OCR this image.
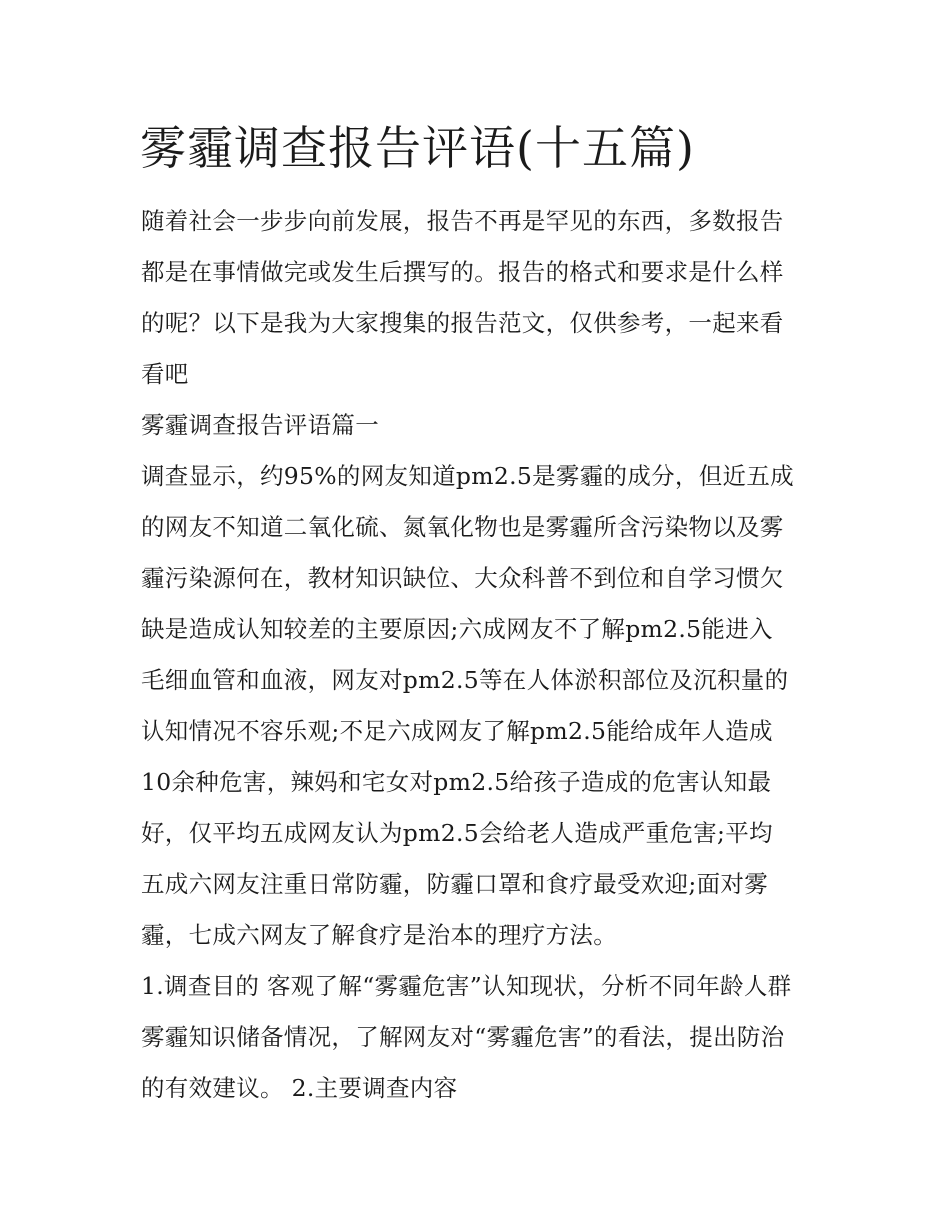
雾霾调查报告评语(十五篇)
随着社会一步步向前发展，报告不再是罕见的东西，多数报告
都是在事情做完或发生后撰写的。报告的格式和要求是什么样
的呢？以下是我为大家搜集的报告范文，仅供参考，一起来看
看吧
雾霾调查报告评语篇一
调查显示，约95%的网友知道pm2.5是雾霾的成分，但近五成
的网友不知道二氧化硫、氮氧化物也是雾霾所含污染物以及雾
霾污染源何在，教材知识缺位、大众科普不到位和自学习惯欠
缺是造成认知较差的主要原因;六成网友不了解pm2.5能进入
毛细血管和血液，网友对pm2.5等在人体淤积部位及沉积量的
认知情况不容乐观;不足六成网友了解pm2.5能给成年人造成
10余种危害，辣妈和宅女对pm2.5给孩子造成的危害认知最
好，仅平均五成网友认为pm2.5会给老人造成严重危害;平均
五成六网友注重日常防霾，防霾口罩和食疗最受欢迎;面对雾
霾，七成六网友了解食疗是治本的理疗方法。
1.调查目的 客观了解“雾霾危害”认知现状，分析不同年龄人群
雾霾知识储备情况，了解网友对“雾霾危害”的看法，提出防治
的有效建议。 2.主要调查内容
